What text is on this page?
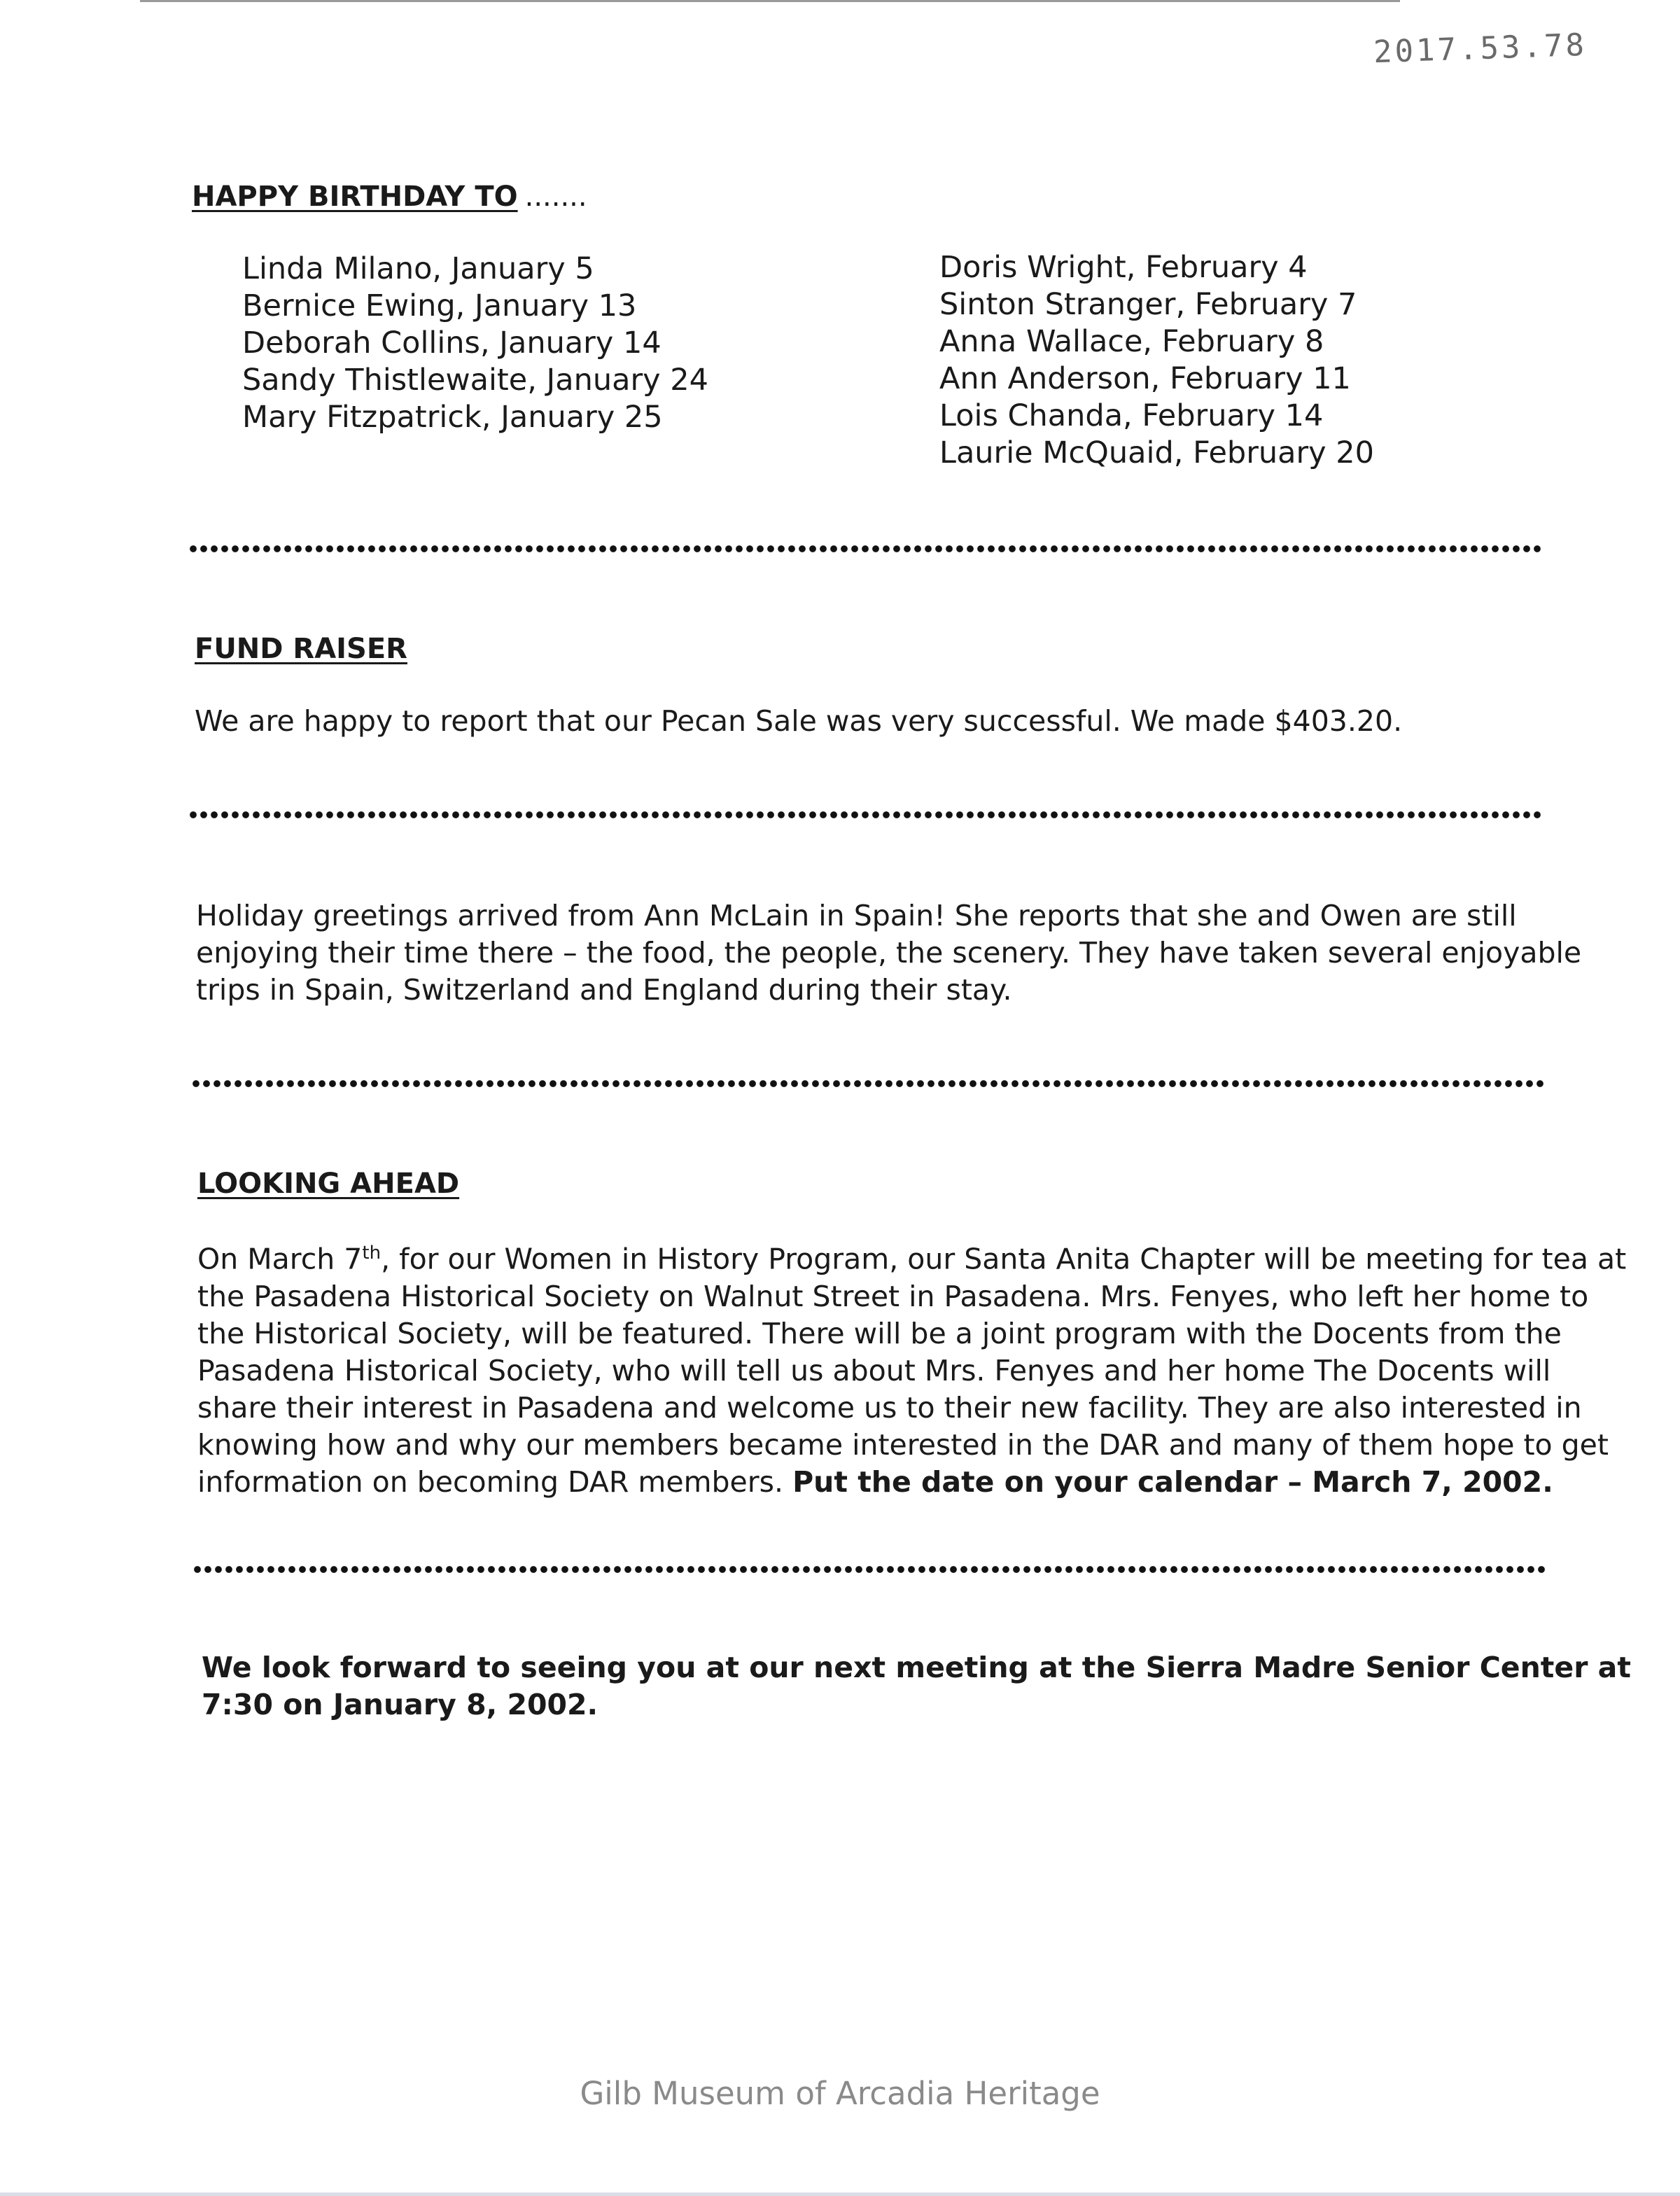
2017.53.78
HAPPY BIRTHDAY TO .......
Linda Milano, January 5
Bernice Ewing, January 13
Deborah Collins, January 14
Sandy Thistlewaite, January 24
Mary Fitzpatrick, January 25
Doris Wright, February 4
Sinton Stranger, February 7
Anna Wallace, February 8
Ann Anderson, February 11
Lois Chanda, February 14
Laurie McQuaid, February 20
FUND RAISER
We are happy to report that our Pecan Sale was very successful. We made $403.20.
Holiday greetings arrived from Ann McLain in Spain! She reports that she and Owen are still
enjoying their time there – the food, the people, the scenery. They have taken several enjoyable
trips in Spain, Switzerland and England during their stay.
LOOKING AHEAD
On March 7th, for our Women in History Program, our Santa Anita Chapter will be meeting for tea at
the Pasadena Historical Society on Walnut Street in Pasadena. Mrs. Fenyes, who left her home to
the Historical Society, will be featured. There will be a joint program with the Docents from the
Pasadena Historical Society, who will tell us about Mrs. Fenyes and her home The Docents will
share their interest in Pasadena and welcome us to their new facility. They are also interested in
knowing how and why our members became interested in the DAR and many of them hope to get
information on becoming DAR members. Put the date on your calendar – March 7, 2002.
We look forward to seeing you at our next meeting at the Sierra Madre Senior Center at
7:30 on January 8, 2002.
Gilb Museum of Arcadia Heritage
